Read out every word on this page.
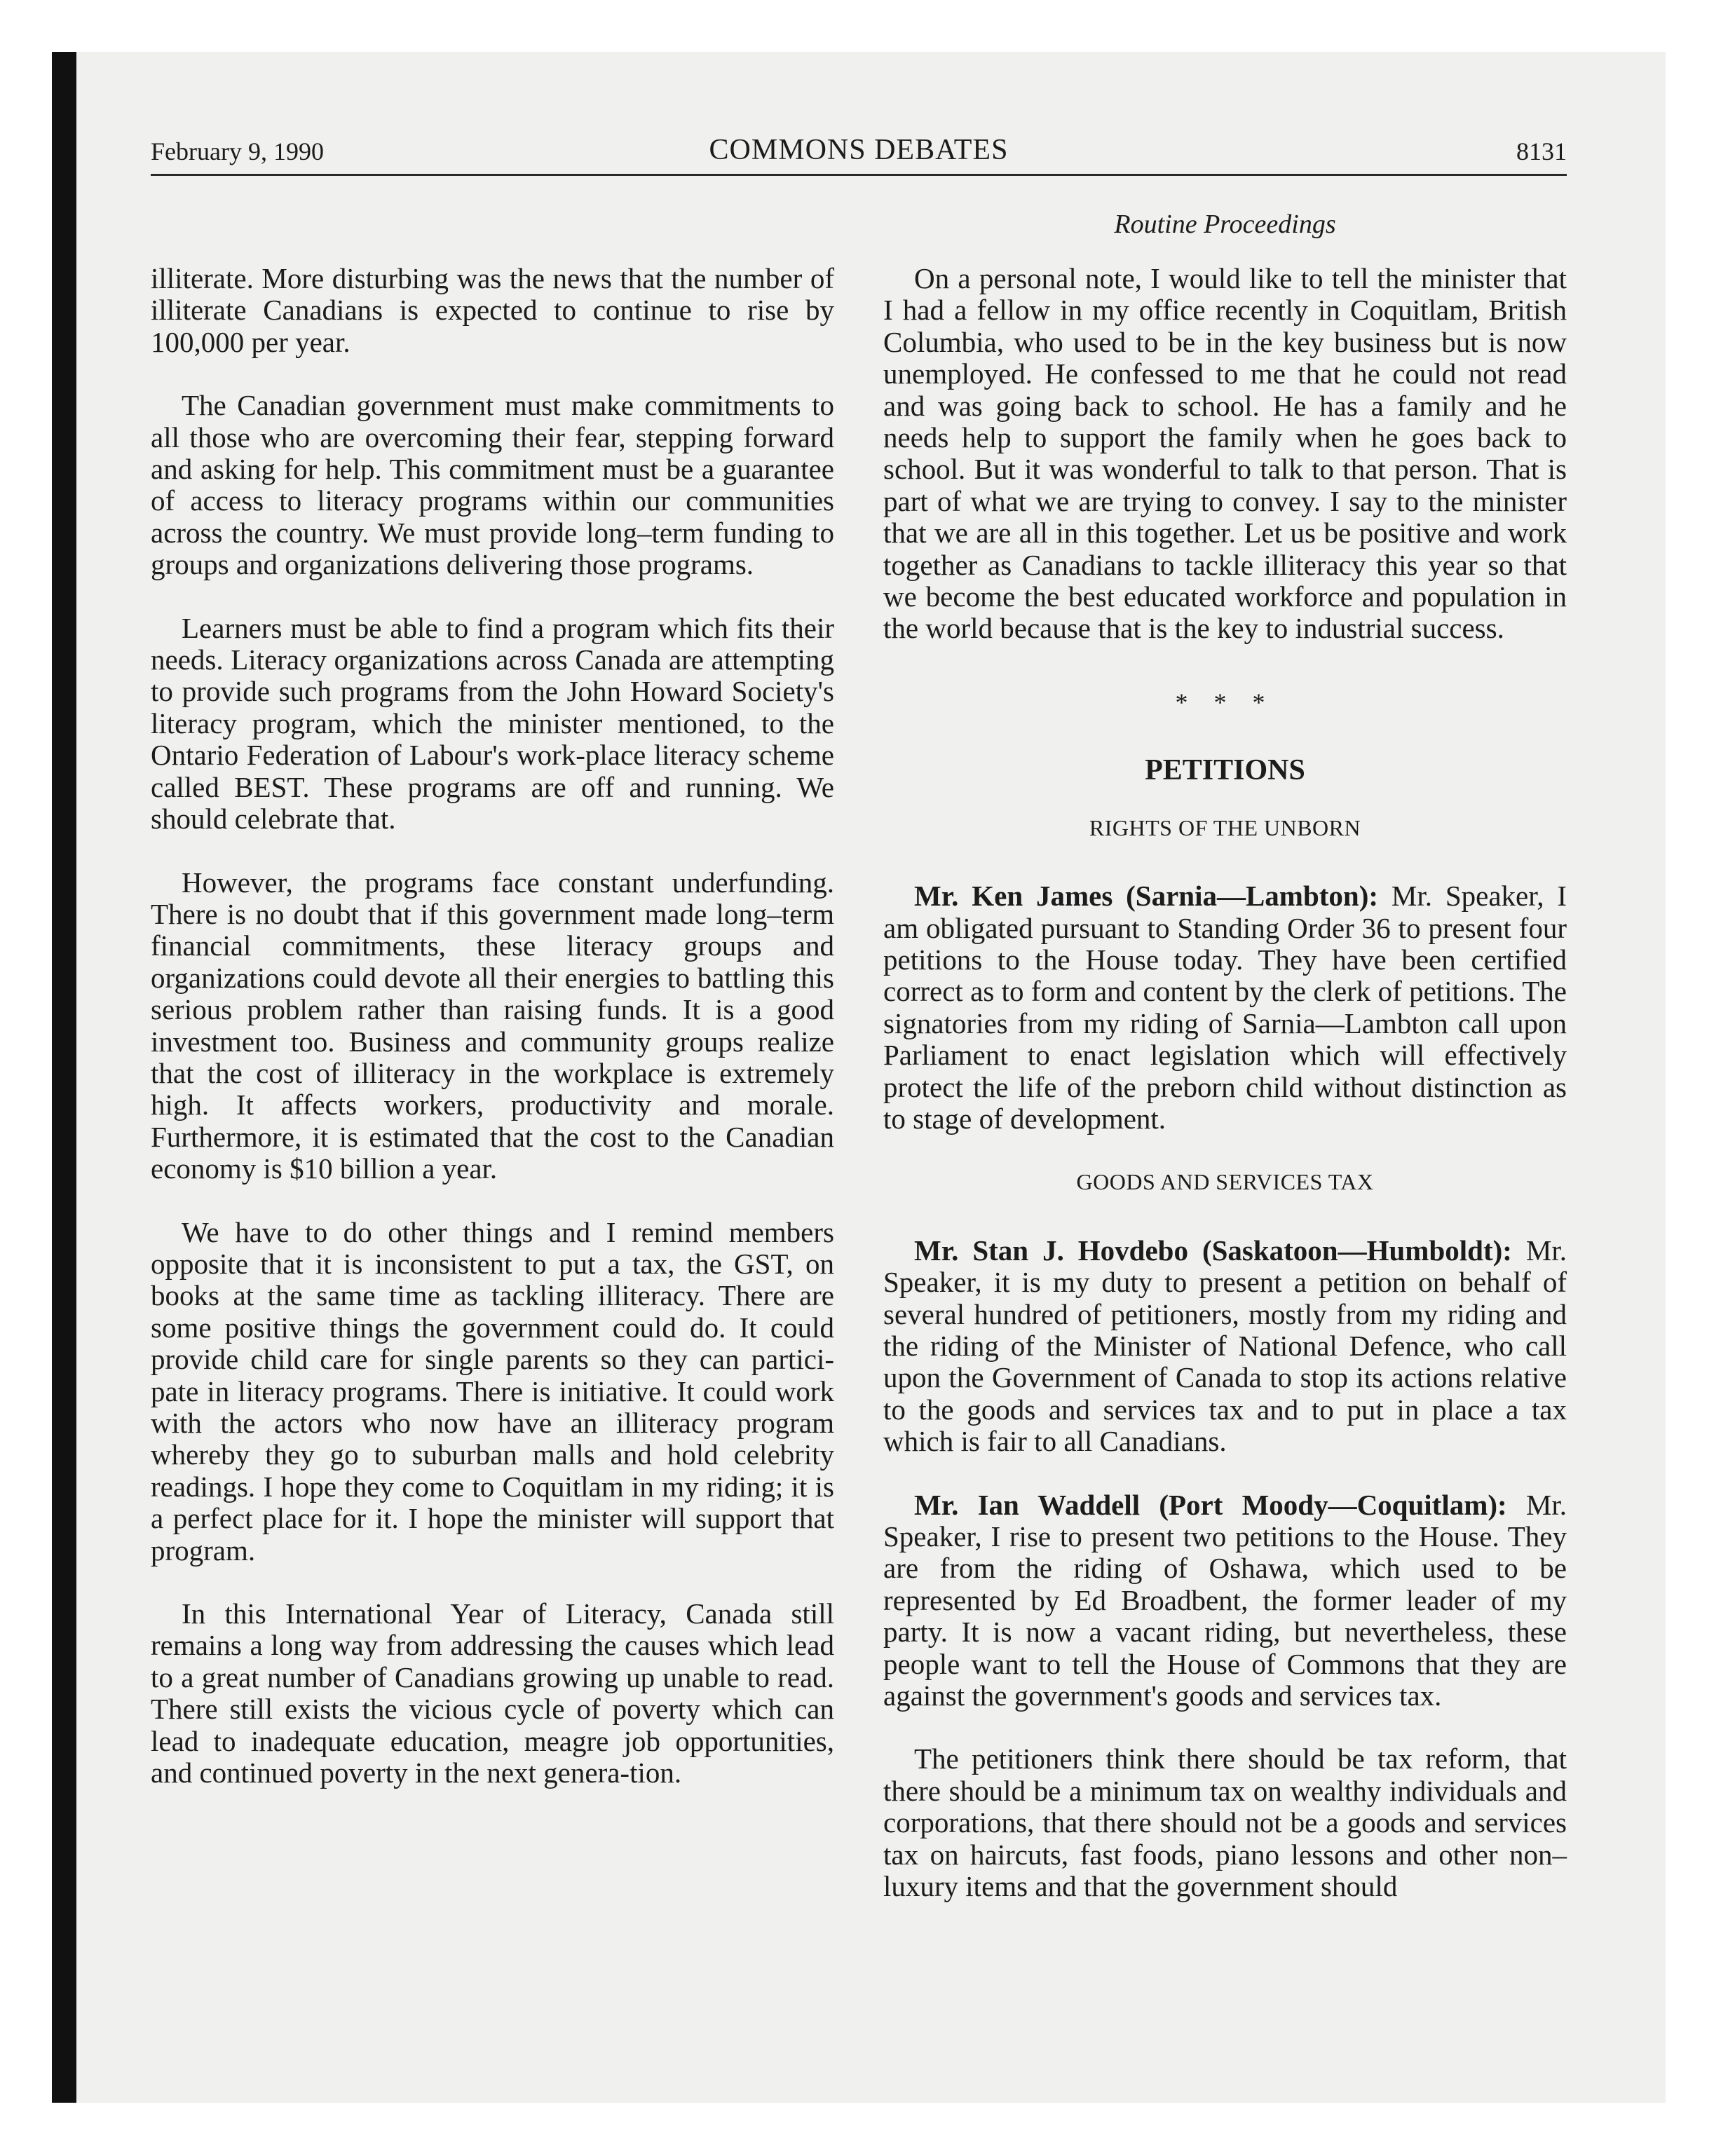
February 9, 1990	COMMONS DEBATES	8131
Routine Proceedings

illiterate. More disturbing was the news that the number of illiterate Canadians is expected to continue to rise by 100,000 per year.

The Canadian government must make commitments to all those who are overcoming their fear, stepping forward and asking for help. This commitment must be a guarantee of access to literacy programs within our communities across the country. We must provide long–term funding to groups and organizations delivering those programs.

Learners must be able to find a program which fits their needs. Literacy organizations across Canada are attempting to provide such programs from the John Howard Society's literacy program, which the minister mentioned, to the Ontario Federation of Labour's work-place literacy scheme called BEST. These programs are off and running. We should celebrate that.

However, the programs face constant underfunding. There is no doubt that if this government made long–term financial commitments, these literacy groups and organizations could devote all their energies to battling this serious problem rather than raising funds. It is a good investment too. Business and community groups realize that the cost of illiteracy in the workplace is extremely high. It affects workers, productivity and morale. Furthermore, it is estimated that the cost to the Canadian economy is $10 billion a year.

We have to do other things and I remind members opposite that it is inconsistent to put a tax, the GST, on books at the same time as tackling illiteracy. There are some positive things the government could do. It could provide child care for single parents so they can partici-pate in literacy programs. There is initiative. It could work with the actors who now have an illiteracy program whereby they go to suburban malls and hold celebrity readings. I hope they come to Coquitlam in my riding; it is a perfect place for it. I hope the minister will support that program.

In this International Year of Literacy, Canada still remains a long way from addressing the causes which lead to a great number of Canadians growing up unable to read. There still exists the vicious cycle of poverty which can lead to inadequate education, meagre job opportunities, and continued poverty in the next genera-tion.

On a personal note, I would like to tell the minister that I had a fellow in my office recently in Coquitlam, British Columbia, who used to be in the key business but is now unemployed. He confessed to me that he could not read and was going back to school. He has a family and he needs help to support the family when he goes back to school. But it was wonderful to talk to that person. That is part of what we are trying to convey. I say to the minister that we are all in this together. Let us be positive and work together as Canadians to tackle illiteracy this year so that we become the best educated workforce and population in the world because that is the key to industrial success.

* * *
PETITIONS
RIGHTS OF THE UNBORN

Mr. Ken James (Sarnia—Lambton): Mr. Speaker, I am obligated pursuant to Standing Order 36 to present four petitions to the House today. They have been certified correct as to form and content by the clerk of petitions. The signatories from my riding of Sarnia—Lambton call upon Parliament to enact legislation which will effectively protect the life of the preborn child without distinction as to stage of development.

GOODS AND SERVICES TAX

Mr. Stan J. Hovdebo (Saskatoon—Humboldt): Mr. Speaker, it is my duty to present a petition on behalf of several hundred of petitioners, mostly from my riding and the riding of the Minister of National Defence, who call upon the Government of Canada to stop its actions relative to the goods and services tax and to put in place a tax which is fair to all Canadians.

Mr. Ian Waddell (Port Moody—Coquitlam): Mr. Speaker, I rise to present two petitions to the House. They are from the riding of Oshawa, which used to be represented by Ed Broadbent, the former leader of my party. It is now a vacant riding, but nevertheless, these people want to tell the House of Commons that they are against the government's goods and services tax.

The petitioners think there should be tax reform, that there should be a minimum tax on wealthy individuals and corporations, that there should not be a goods and services tax on haircuts, fast foods, piano lessons and other non–luxury items and that the government should
